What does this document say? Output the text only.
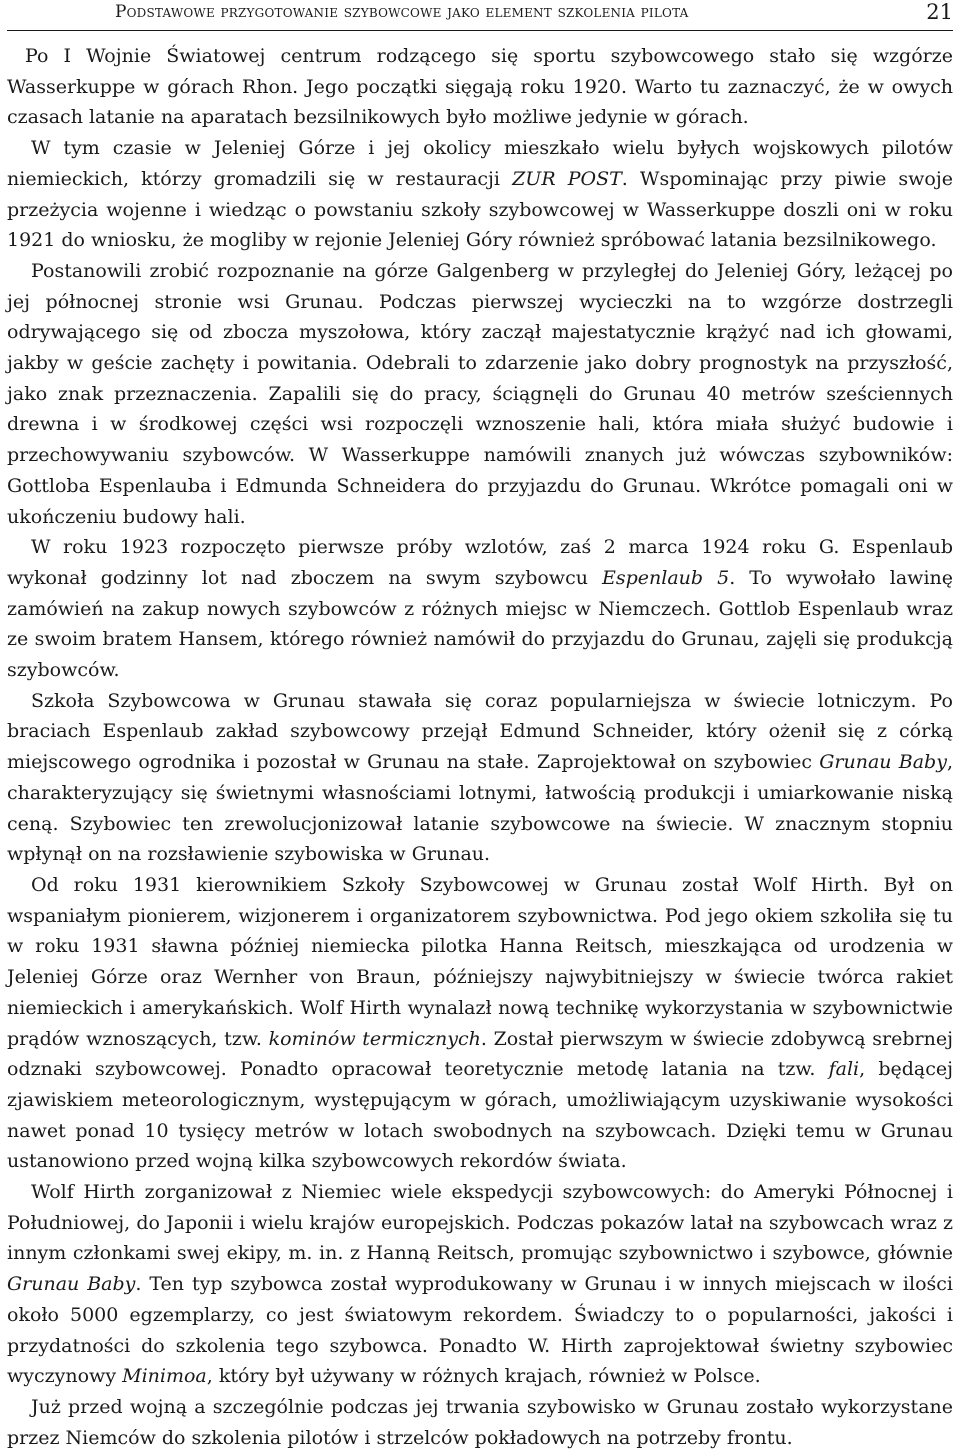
Podstawowe przygotowanie szybowcowe jako element szkolenia pilota	21

Po I Wojnie Światowej centrum rodzącego się sportu szybowcowego stało się wzgórze Wasserkuppe w górach Rhon. Jego początki sięgają roku 1920. Warto tu zaznaczyć, że w owych czasach latanie na aparatach bezsilnikowych było możliwe jedynie w górach.

W tym czasie w Jeleniej Górze i jej okolicy mieszkało wielu byłych wojskowych pilotów niemieckich, którzy gromadzili się w restauracji ZUR POST. Wspominając przy piwie swoje przeżycia wojenne i wiedząc o powstaniu szkoły szybowcowej w Wasserkuppe doszli oni w roku 1921 do wniosku, że mogliby w rejonie Jeleniej Góry również spróbować latania bezsilnikowego.

Postanowili zrobić rozpoznanie na górze Galgenberg w przyległej do Jeleniej Góry, leżącej po jej północnej stronie wsi Grunau. Podczas pierwszej wycieczki na to wzgórze dostrzegli odrywającego się od zbocza myszołowa, który zaczął majestatycznie krążyć nad ich głowami, jakby w geście zachęty i powitania. Odebrali to zdarzenie jako dobry prognostyk na przyszłość, jako znak przeznaczenia. Zapalili się do pracy, ściągnęli do Grunau 40 metrów sześciennych drewna i w środkowej części wsi rozpoczęli wznoszenie hali, która miała służyć budowie i przechowywaniu szybowców. W Wasserkuppe namówili znanych już wówczas szybowników: Gottloba Espenlauba i Edmunda Schneidera do przyjazdu do Grunau. Wkrótce pomagali oni w ukończeniu budowy hali.

W roku 1923 rozpoczęto pierwsze próby wzlotów, zaś 2 marca 1924 roku G. Espenlaub wykonał godzinny lot nad zboczem na swym szybowcu Espenlaub 5. To wywołało lawinę zamówień na zakup nowych szybowców z różnych miejsc w Niemczech. Gottlob Espenlaub wraz ze swoim bratem Hansem, którego również namówił do przyjazdu do Grunau, zajęli się produkcją szybowców.

Szkoła Szybowcowa w Grunau stawała się coraz popularniejsza w świecie lotniczym. Po braciach Espenlaub zakład szybowcowy przejął Edmund Schneider, który ożenił się z córką miejscowego ogrodnika i pozostał w Grunau na stałe. Zaprojektował on szybowiec Grunau Baby, charakteryzujący się świetnymi własnościami lotnymi, łatwością produkcji i umiarkowanie niską ceną. Szybowiec ten zrewolucjonizował latanie szybowcowe na świecie. W znacznym stopniu wpłynął on na rozsławienie szybowiska w Grunau.

Od roku 1931 kierownikiem Szkoły Szybowcowej w Grunau został Wolf Hirth. Był on wspaniałym pionierem, wizjonerem i organizatorem szybownictwa. Pod jego okiem szkoliła się tu w roku 1931 sławna później niemiecka pilotka Hanna Reitsch, mieszkająca od urodzenia w Jeleniej Górze oraz Wernher von Braun, późniejszy najwybitniejszy w świecie twórca rakiet niemieckich i amerykańskich. Wolf Hirth wynalazł nową technikę wykorzystania w szybownictwie prądów wznoszących, tzw. kominów termicznych. Został pierwszym w świecie zdobywcą srebrnej odznaki szybowcowej. Ponadto opracował teoretycznie metodę latania na tzw. fali, będącej zjawiskiem meteorologicznym, występującym w górach, umożliwiającym uzyskiwanie wysokości nawet ponad 10 tysięcy metrów w lotach swobodnych na szybowcach. Dzięki temu w Grunau ustanowiono przed wojną kilka szybowcowych rekordów świata.

Wolf Hirth zorganizował z Niemiec wiele ekspedycji szybowcowych: do Ameryki Północnej i Południowej, do Japonii i wielu krajów europejskich. Podczas pokazów latał na szybowcach wraz z innym członkami swej ekipy, m. in. z Hanną Reitsch, promując szybownictwo i szybowce, głównie Grunau Baby. Ten typ szybowca został wyprodukowany w Grunau i w innych miejscach w ilości około 5000 egzemplarzy, co jest światowym rekordem. Świadczy to o popularności, jakości i przydatności do szkolenia tego szybowca. Ponadto W. Hirth zaprojektował świetny szybowiec wyczynowy Minimoa, który był używany w różnych krajach, również w Polsce.

Już przed wojną a szczególnie podczas jej trwania szybowisko w Grunau zostało wykorzystane przez Niemców do szkolenia pilotów i strzelców pokładowych na potrzeby frontu.
